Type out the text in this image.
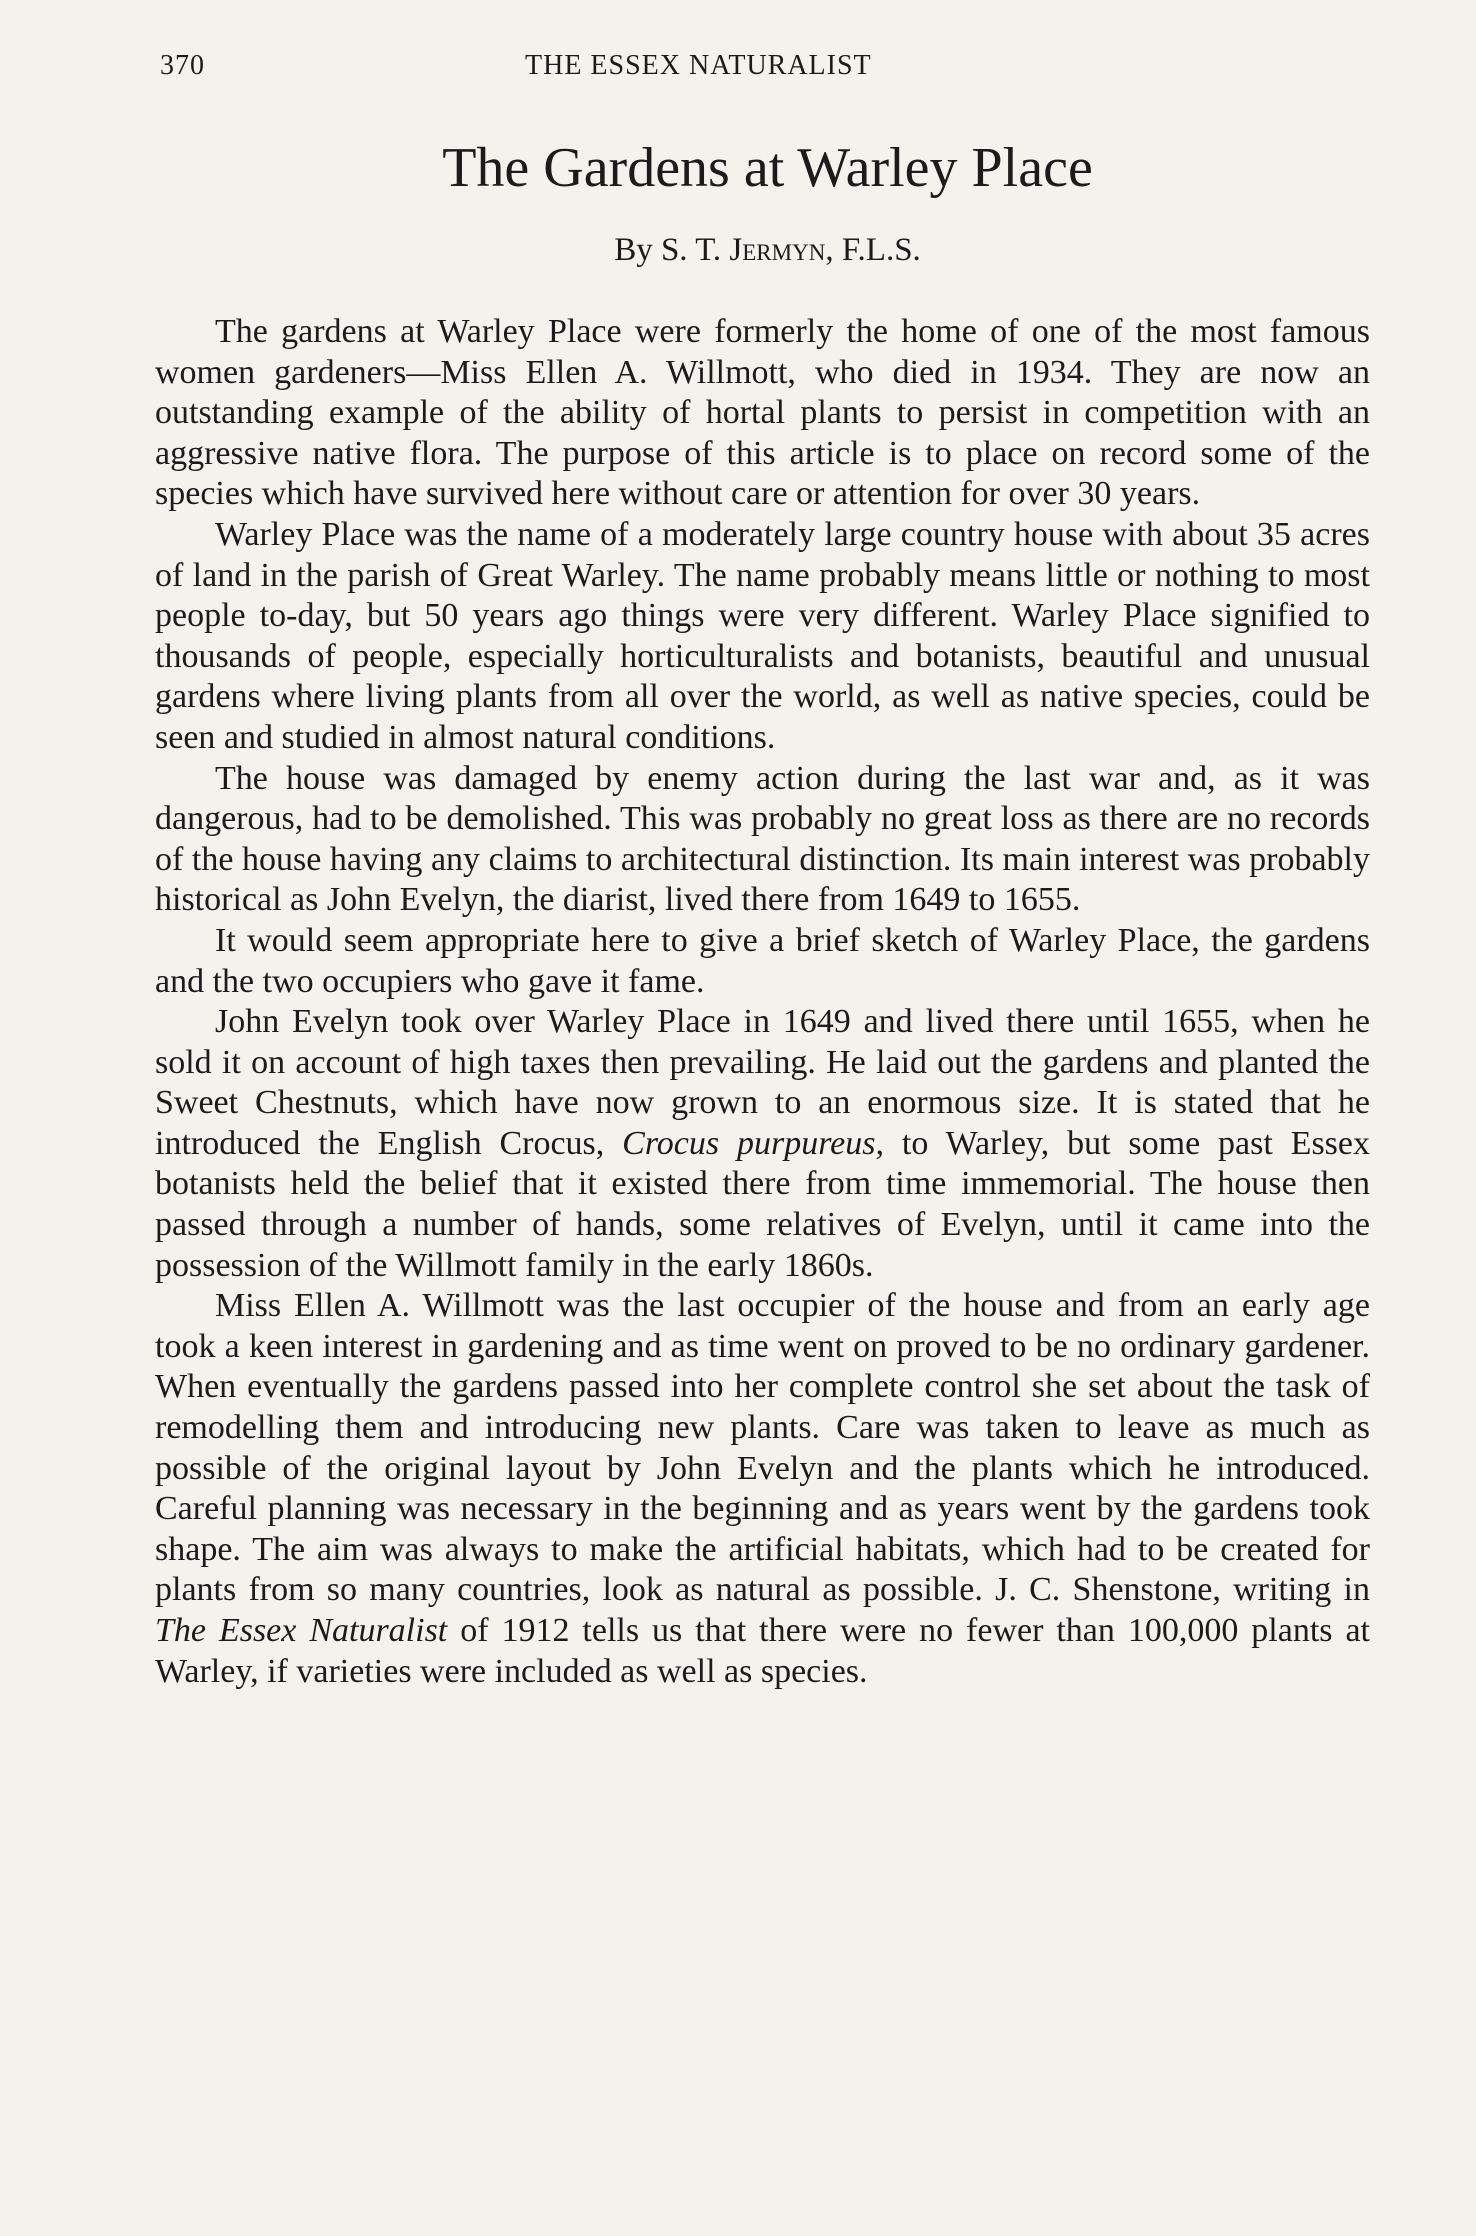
370	THE ESSEX NATURALIST
The Gardens at Warley Place
By S. T. Jermyn, F.L.S.

The gardens at Warley Place were formerly the home of one of the most famous women gardeners—Miss Ellen A. Willmott, who died in 1934. They are now an outstanding example of the ability of hortal plants to persist in competition with an aggressive native flora. The purpose of this article is to place on record some of the species which have survived here without care or attention for over 30 years.

Warley Place was the name of a moderately large country house with about 35 acres of land in the parish of Great Warley. The name probably means little or nothing to most people to-day, but 50 years ago things were very different. Warley Place signified to thousands of people, especially horticulturalists and botanists, beautiful and unusual gardens where living plants from all over the world, as well as native species, could be seen and studied in almost natural conditions.

The house was damaged by enemy action during the last war and, as it was dangerous, had to be demolished. This was probably no great loss as there are no records of the house having any claims to architectural distinction. Its main interest was probably historical as John Evelyn, the diarist, lived there from 1649 to 1655.

It would seem appropriate here to give a brief sketch of Warley Place, the gardens and the two occupiers who gave it fame.

John Evelyn took over Warley Place in 1649 and lived there until 1655, when he sold it on account of high taxes then prevailing. He laid out the gardens and planted the Sweet Chestnuts, which have now grown to an enormous size. It is stated that he introduced the English Crocus, Crocus purpureus, to Warley, but some past Essex botanists held the belief that it existed there from time immemorial. The house then passed through a number of hands, some relatives of Evelyn, until it came into the possession of the Willmott family in the early 1860s.

Miss Ellen A. Willmott was the last occupier of the house and from an early age took a keen interest in gardening and as time went on proved to be no ordinary gardener. When eventually the gardens passed into her complete control she set about the task of remodelling them and introducing new plants. Care was taken to leave as much as possible of the original layout by John Evelyn and the plants which he introduced. Careful planning was necessary in the beginning and as years went by the gardens took shape. The aim was always to make the artificial habitats, which had to be created for plants from so many countries, look as natural as possible. J. C. Shenstone, writing in The Essex Naturalist of 1912 tells us that there were no fewer than 100,000 plants at Warley, if varieties were included as well as species.
